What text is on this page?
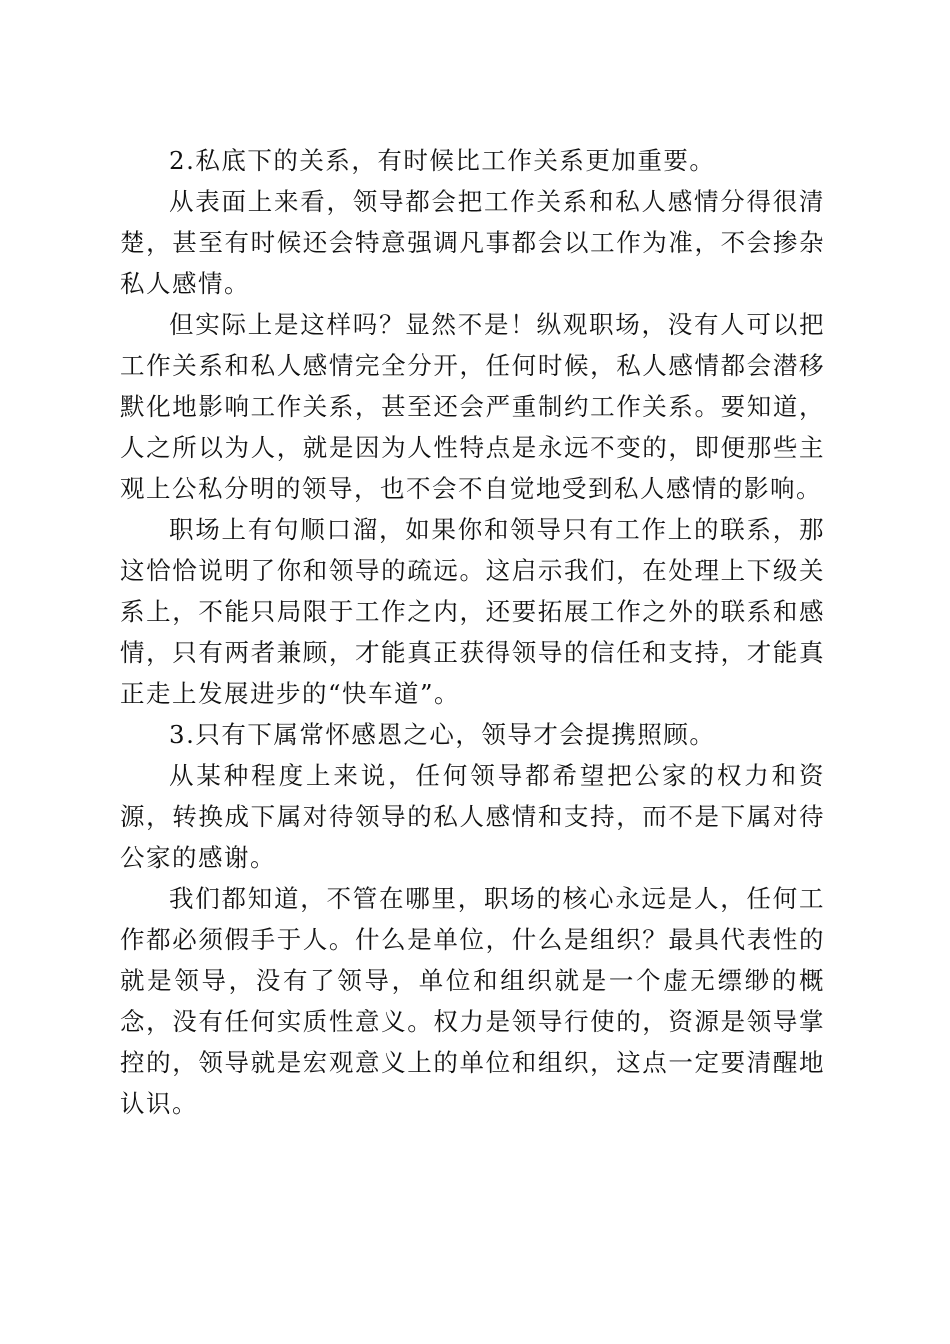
2.私底下的关系，有时候比工作关系更加重要。

从表面上来看，领导都会把工作关系和私人感情分得很清楚，甚至有时候还会特意强调凡事都会以工作为准，不会掺杂私人感情。

但实际上是这样吗？显然不是！纵观职场，没有人可以把工作关系和私人感情完全分开，任何时候，私人感情都会潜移默化地影响工作关系，甚至还会严重制约工作关系。要知道，人之所以为人，就是因为人性特点是永远不变的，即便那些主观上公私分明的领导，也不会不自觉地受到私人感情的影响。

职场上有句顺口溜，如果你和领导只有工作上的联系，那这恰恰说明了你和领导的疏远。这启示我们，在处理上下级关系上，不能只局限于工作之内，还要拓展工作之外的联系和感情，只有两者兼顾，才能真正获得领导的信任和支持，才能真正走上发展进步的“快车道”。

3.只有下属常怀感恩之心，领导才会提携照顾。

从某种程度上来说，任何领导都希望把公家的权力和资源，转换成下属对待领导的私人感情和支持，而不是下属对待公家的感谢。

我们都知道，不管在哪里，职场的核心永远是人，任何工作都必须假手于人。什么是单位，什么是组织？最具代表性的就是领导，没有了领导，单位和组织就是一个虚无缥缈的概念，没有任何实质性意义。权力是领导行使的，资源是领导掌控的，领导就是宏观意义上的单位和组织，这点一定要清醒地认识。
